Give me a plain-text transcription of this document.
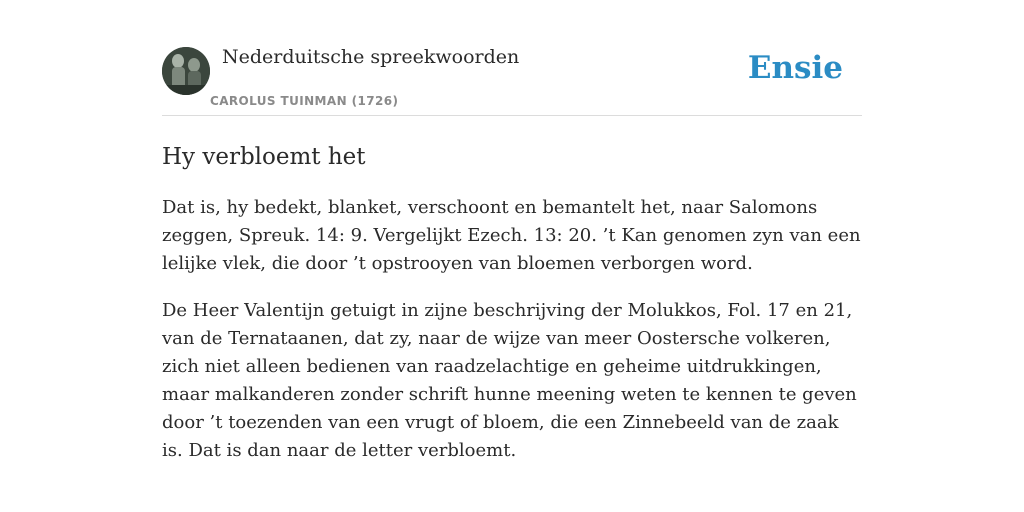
Nederduitsche spreekwoorden
CAROLUS TUINMAN (1726)
Ensie
Hy verbloemt het

Dat is, hy bedekt, blanket, verschoont en bemantelt het, naar Salomons zeggen, Spreuk. 14: 9. Vergelijkt Ezech. 13: 20. ’t Kan genomen zyn van een lelijke vlek, die door ’t opstrooyen van bloemen verborgen word.

De Heer Valentijn getuigt in zijne beschrijving der Molukkos, Fol. 17 en 21, van de Ternataanen, dat zy, naar de wijze van meer Oostersche volkeren, zich niet alleen bedienen van raadzelachtige en geheime uitdrukkingen, maar malkanderen zonder schrift hunne meening weten te kennen te geven door ’t toezenden van een vrugt of bloem, die een Zinnebeeld van de zaak is. Dat is dan naar de letter verbloemt.
